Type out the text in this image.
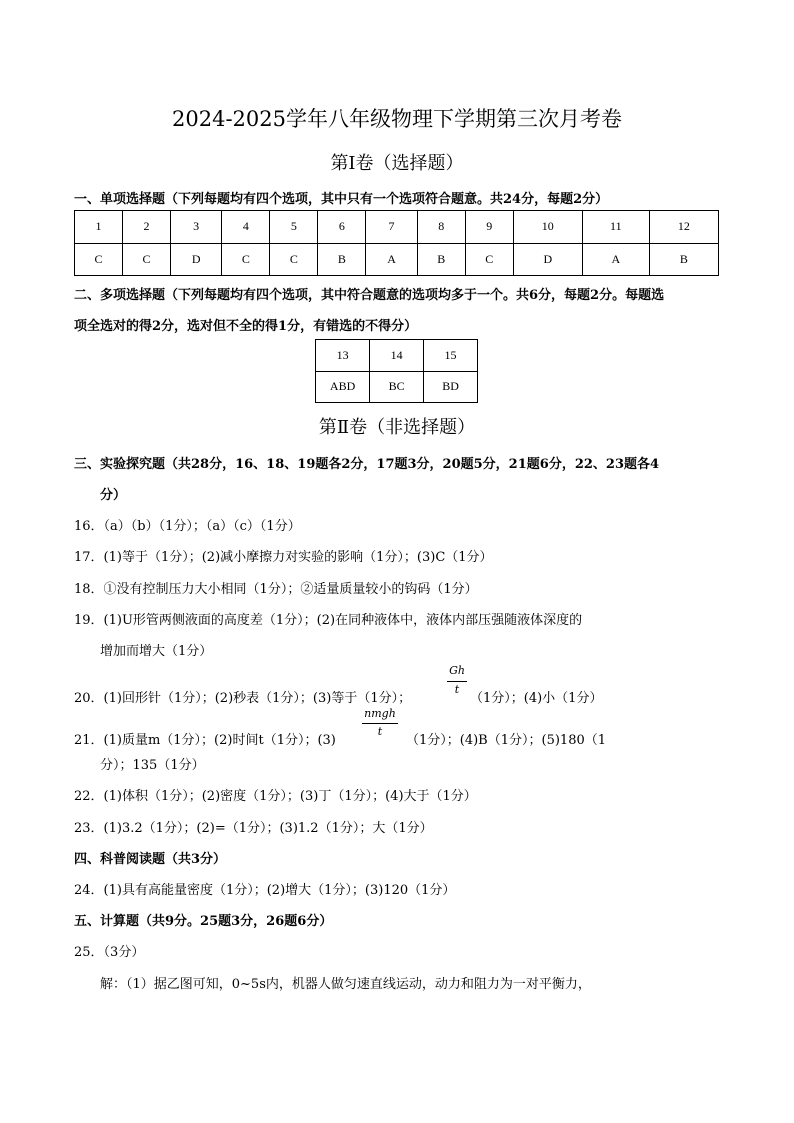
2024-2025学年八年级物理下学期第三次月考卷
第Ⅰ卷（选择题）
一、单项选择题（下列每题均有四个选项，其中只有一个选项符合题意。共24分，每题2分）
1	2	3	4	5	6	7	8	9	10	11	12
C	C	D	C	C	B	A	B	C	D	A	B
二、多项选择题（下列每题均有四个选项，其中符合题意的选项均多于一个。共6分，每题2分。每题选
项全选对的得2分，选对但不全的得1分，有错选的不得分）
13	14	15
ABD	BC	BD
第Ⅱ卷（非选择题）
三、实验探究题（共28分，16、18、19题各2分，17题3分，20题5分，21题6分，22、23题各4
分）
16．（a）（b）（1分）；（a）（c）（1分）
17．(1)等于（1分）；(2)减小摩擦力对实验的影响（1分）；(3)C（1分）
18．①没有控制压力大小相同（1分）；②适量质量较小的钩码（1分）
19．(1)U形管两侧液面的高度差（1分）；(2)在同种液体中，液体内部压强随液体深度的
增加而增大（1分）
20．(1)回形针（1分）；(2)秒表（1分）；(3)等于（1分）；
Gh
t
（1分）；(4)小（1分）
21．(1)质量m（1分）；(2)时间t（1分）；(3)
nmgh
t
（1分）；(4)B（1分）；(5)180（1
分）；135（1分）
22．(1)体积（1分）；(2)密度（1分）；(3)丁（1分）；(4)大于（1分）
23．(1)3.2（1分）；(2)=（1分）；(3)1.2（1分）；大（1分）
四、科普阅读题（共3分）
24．(1)具有高能量密度（1分）；(2)增大（1分）；(3)120（1分）
五、计算题（共9分。25题3分，26题6分）
25．（3分）
解：（1）据乙图可知，0~5s内，机器人做匀速直线运动，动力和阻力为一对平衡力，
